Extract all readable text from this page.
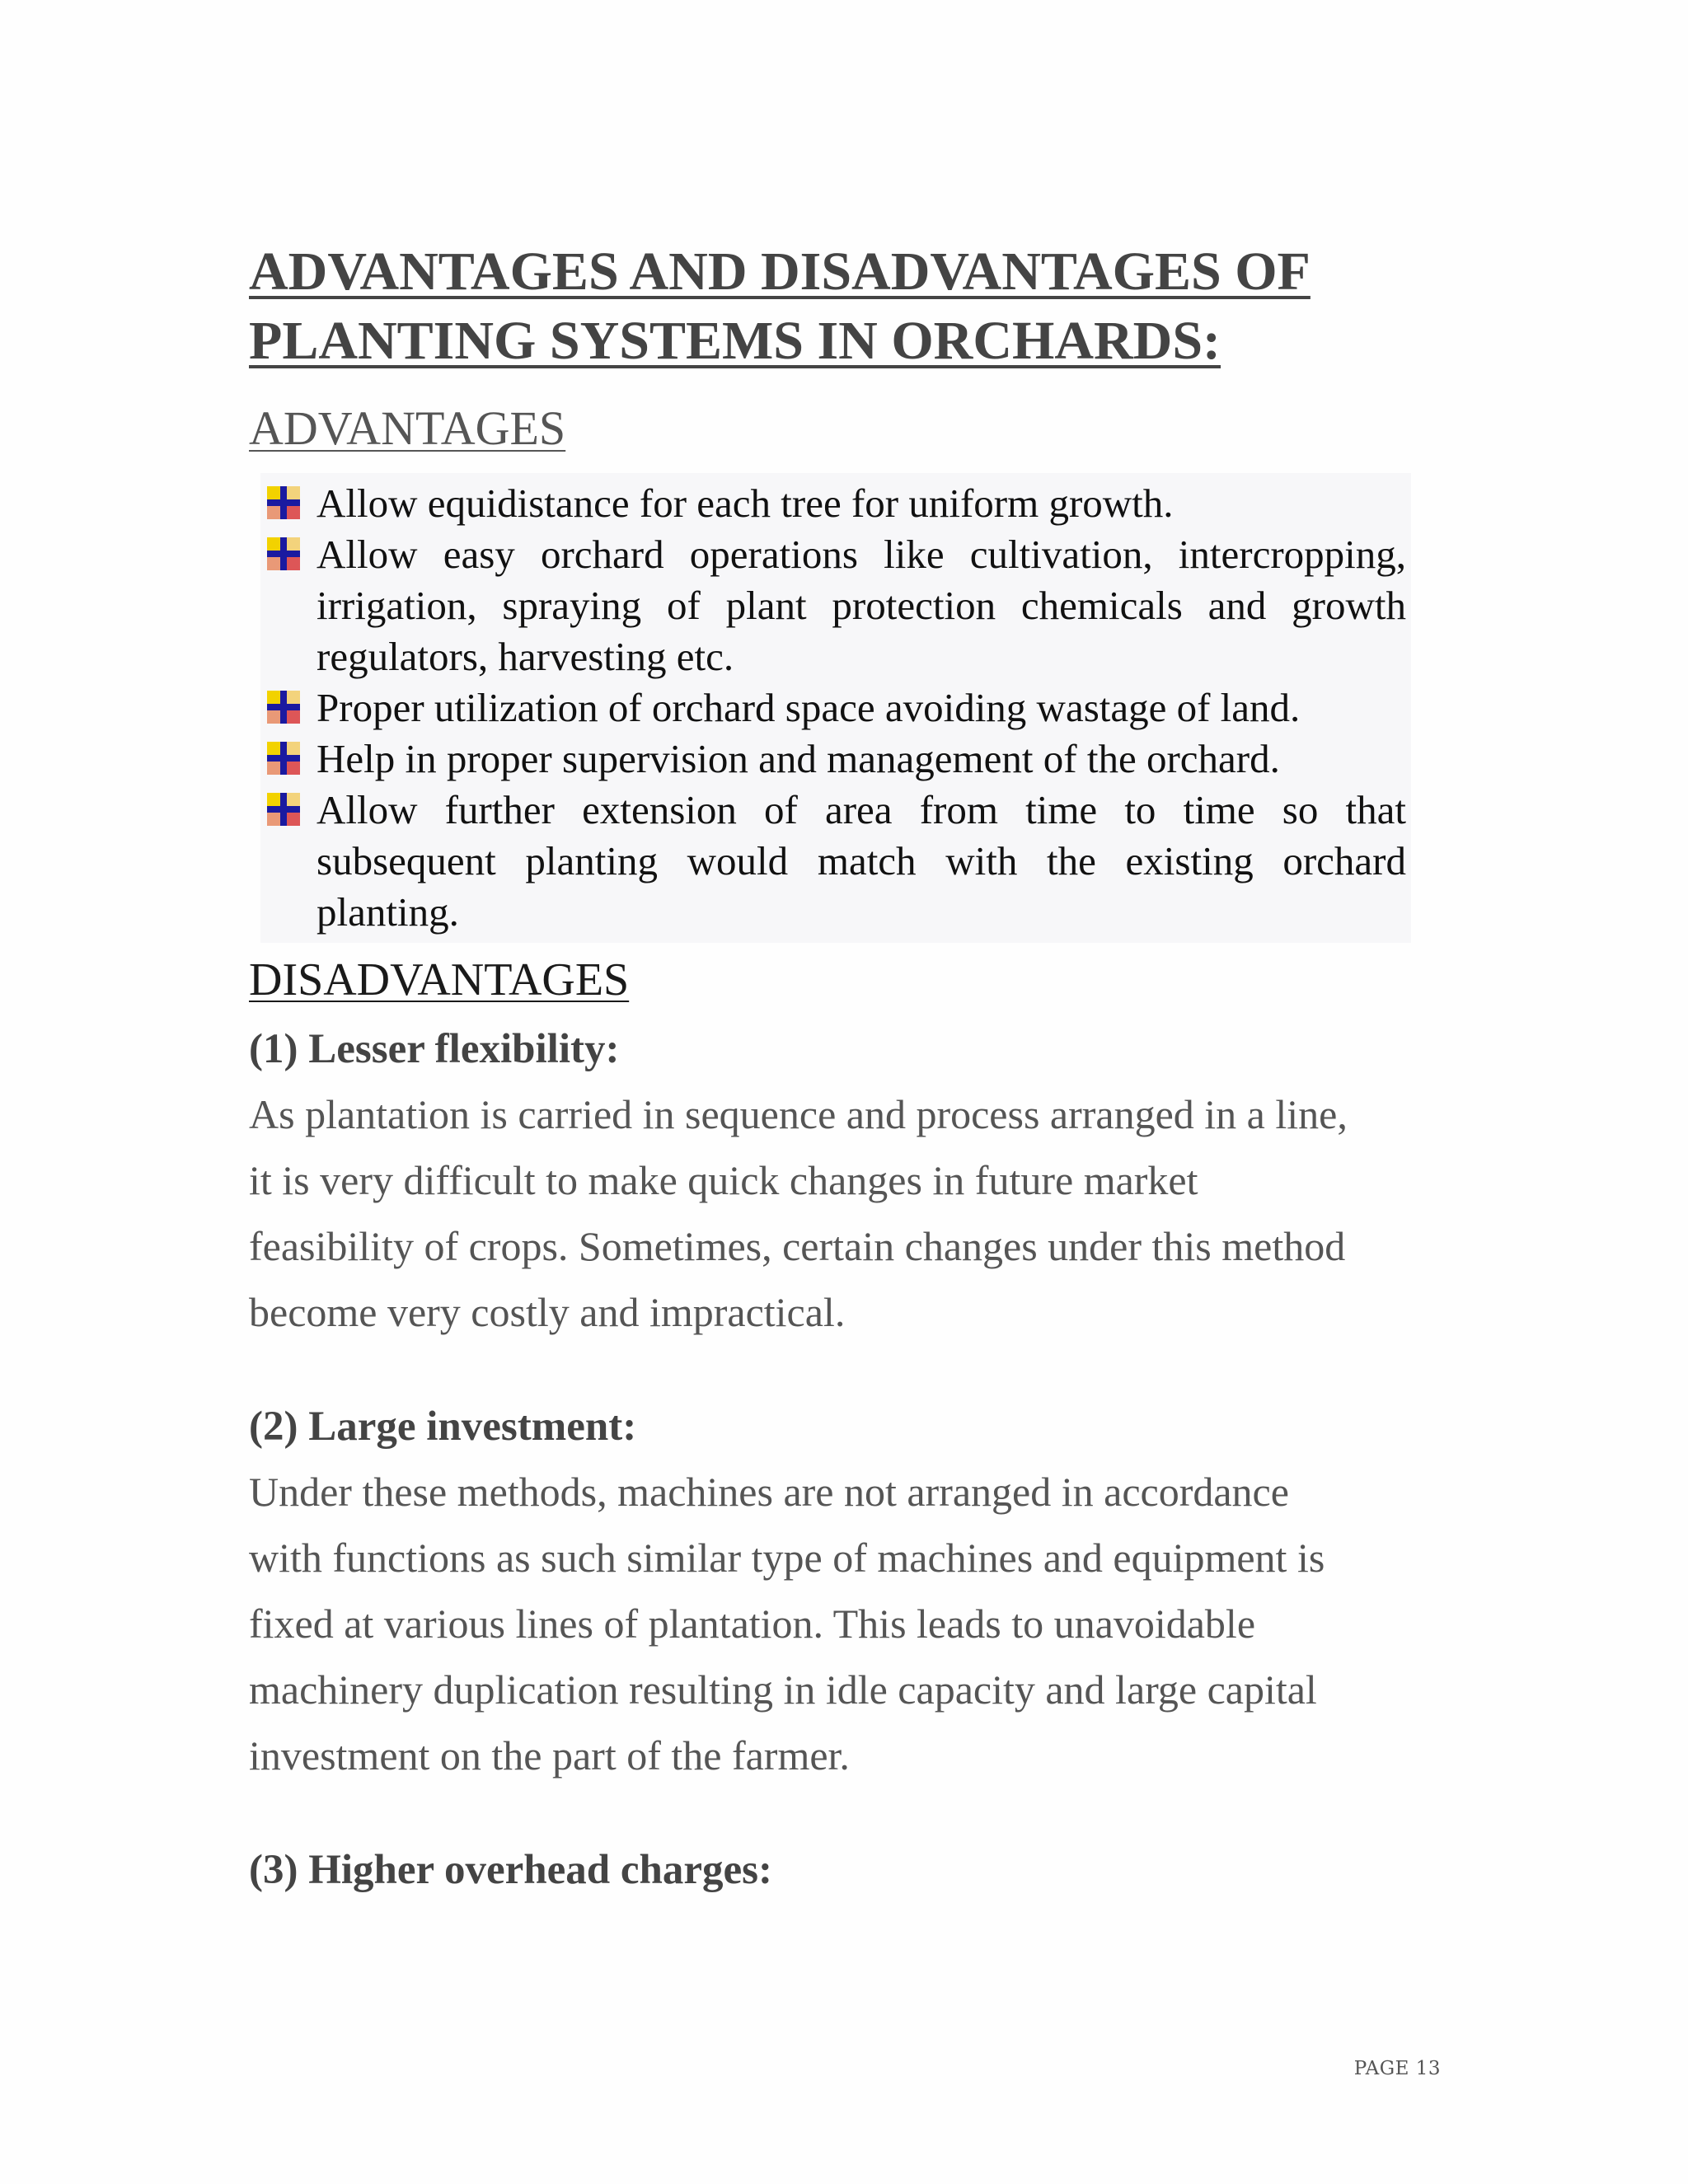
ADVANTAGES AND DISADVANTAGES OF
PLANTING SYSTEMS IN ORCHARDS:
ADVANTAGES
Allow equidistance for each tree for uniform growth.
Allow easy orchard operations like cultivation, intercropping, irrigation, spraying of plant protection chemicals and growth regulators, harvesting etc.
Proper utilization of orchard space avoiding wastage of land.
Help in proper supervision and management of the orchard.
Allow further extension of area from time to time so that subsequent planting would match with the existing orchard planting.
DISADVANTAGES

(1) Lesser flexibility:

As plantation is carried in sequence and process arranged in a line,
it is very difficult to make quick changes in future market
feasibility of crops. Sometimes, certain changes under this method
become very costly and impractical.

(2) Large investment:

Under these methods, machines are not arranged in accordance
with functions as such similar type of machines and equipment is
fixed at various lines of plantation. This leads to unavoidable
machinery duplication resulting in idle capacity and large capital
investment on the part of the farmer.

(3) Higher overhead charges:

PAGE 13
